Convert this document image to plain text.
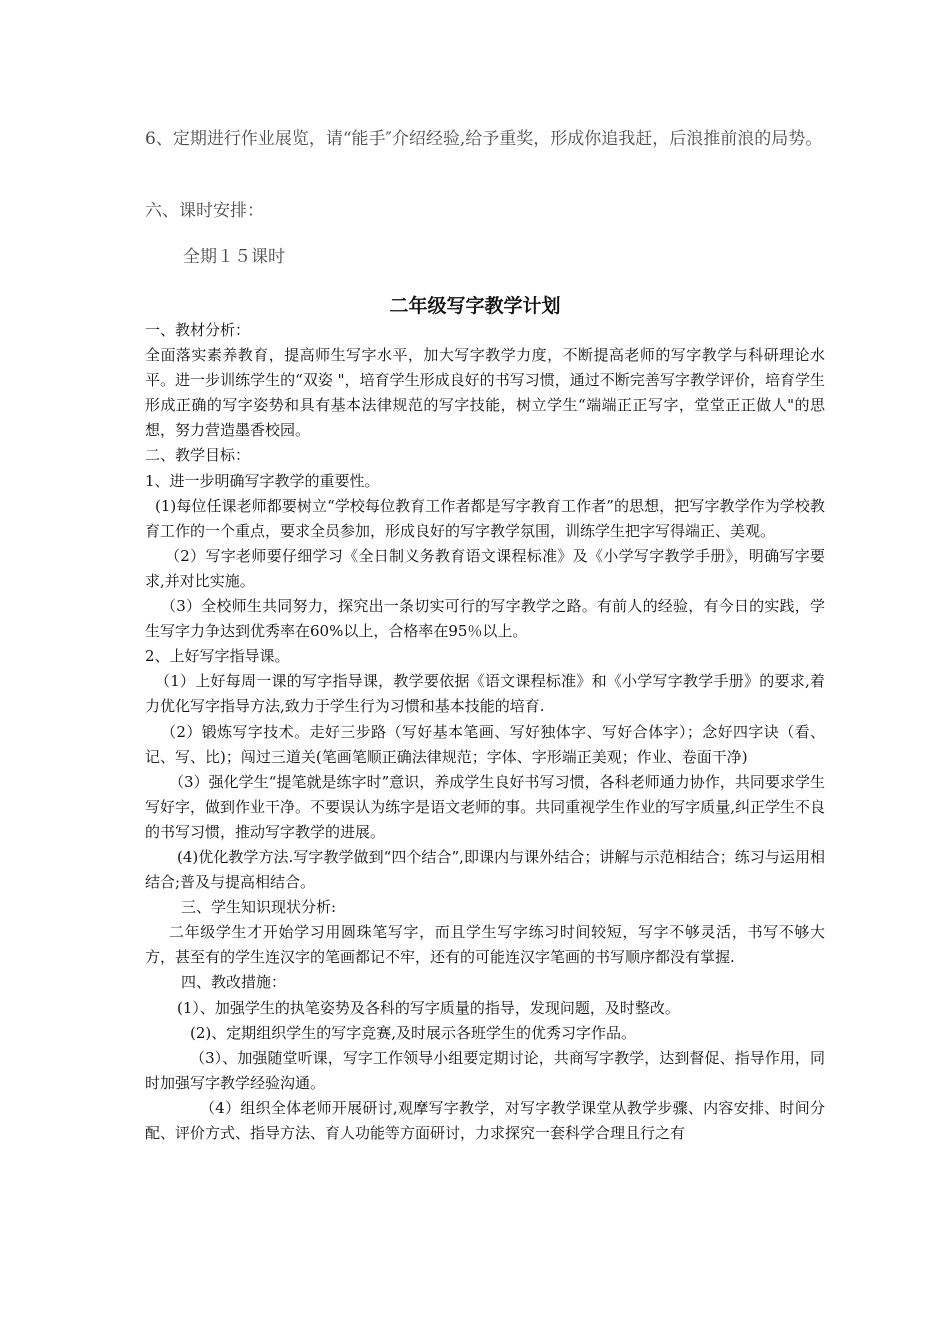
6、定期进行作业展览，请“能手″介绍经验,给予重奖，形成你追我赶，后浪推前浪的局势。

六、课时安排：

全期１５课时

二年级写字教学计划

一、教材分析：

全面落实素养教育，提高师生写字水平，加大写字教学力度，不断提高老师的写字教学与科研理论水平。进一步训练学生的“双姿 "，培育学生形成良好的书写习惯，通过不断完善写字教学评价，培育学生形成正确的写字姿势和具有基本法律规范的写字技能，树立学生“端端正正写字，堂堂正正做人"的思想，努力营造墨香校园。

二、教学目标：

1、进一步明确写字教学的重要性。

(1)每位任课老师都要树立“学校每位教育工作者都是写字教育工作者”的思想，把写字教学作为学校教育工作的一个重点，要求全员参加，形成良好的写字教学氛围，训练学生把字写得端正、美观。

（2）写字老师要仔细学习《全日制义务教育语文课程标准》及《小学写字教学手册》，明确写字要求,并对比实施。

（3）全校师生共同努力，探究出一条切实可行的写字教学之路。有前人的经验，有今日的实践，学生写字力争达到优秀率在60%以上，合格率在95％以上。

2、上好写字指导课。

（1）上好每周一课的写字指导课，教学要依据《语文课程标准》和《小学写字教学手册》的要求,着力优化写字指导方法,致力于学生行为习惯和基本技能的培育.

（2）锻炼写字技术。走好三步路（写好基本笔画、写好独体字、写好合体字）；念好四字诀（看、记、写、比)；闯过三道关(笔画笔顺正确法律规范；字体、字形端正美观；作业、卷面干净)

（3）强化学生“提笔就是练字时”意识，养成学生良好书写习惯，各科老师通力协作，共同要求学生写好字，做到作业干净。不要误认为练字是语文老师的事。共同重视学生作业的写字质量,纠正学生不良的书写习惯，推动写字教学的进展。

(4)优化教学方法.写字教学做到“四个结合”,即课内与课外结合；讲解与示范相结合；练习与运用相结合;普及与提高相结合。

三、学生知识现状分析:

二年级学生才开始学习用圆珠笔写字，而且学生写字练习时间较短，写字不够灵活，书写不够大方，甚至有的学生连汉字的笔画都记不牢，还有的可能连汉字笔画的书写顺序都没有掌握.

四、教改措施：

(1）、加强学生的执笔姿势及各科的写字质量的指导，发现问题，及时整改。

(2)、定期组织学生的写字竞赛,及时展示各班学生的优秀习字作品。

（3）、加强随堂听课，写字工作领导小组要定期讨论，共商写字教学，达到督促、指导作用，同时加强写字教学经验沟通。

（4）组织全体老师开展研讨,观摩写字教学，对写字教学课堂从教学步骤、内容安排、时间分配、评价方式、指导方法、育人功能等方面研讨，力求探究一套科学合理且行之有
